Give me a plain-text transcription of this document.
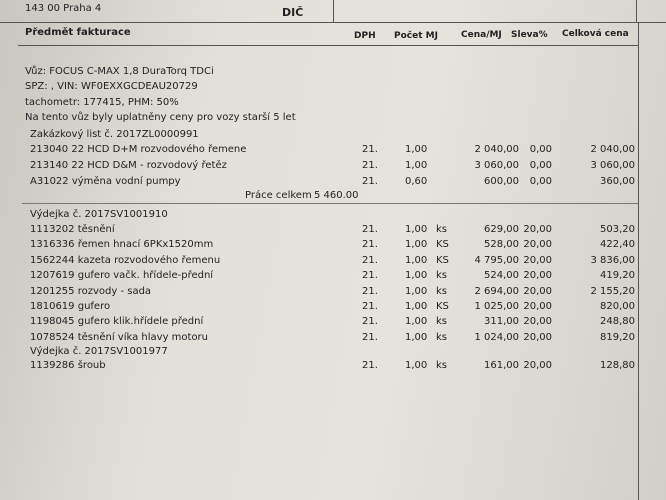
143 00 Praha 4	DIČ
Předmět fakturace	DPH Počet MJ	Cena/MJ Sleva% Celková cena
Vůz: FOCUS C-MAX 1,8 DuraTorq TDCi
SPZ: , VIN: WF0EXXGCDEAU20729
tachometr: 177415, PHM: 50%
Na tento vůz byly uplatněny ceny pro vozy starší 5 let
Zakázkový list č. 2017ZL0000991
213040 22 HCD D+M rozvodového řemene	21.	1,00	2 040,00 0,00	2 040,00
213140 22 HCD D&M - rozvodový řetěz	21.	1,00	3 060,00 0,00	3 060,00
A31022 výměna vodní pumpy	21.	0,60	600,00 0,00	360,00
Práce celkem 5 460.00
Výdejka č. 2017SV1001910
1113202 těsnění	21.	1,00 ks	629,00 20,00	503,20
1316336 řemen hnací 6PKx1520mm	21.	1,00 KS	528,00 20,00	422,40
1562244 kazeta rozvodového řemenu	21.	1,00 KS	4 795,00 20,00	3 836,00
1207619 gufero vačk. hřídele-přední	21.	1,00 ks	524,00 20,00	419,20
1201255 rozvody - sada	21.	1,00 ks	2 694,00 20,00	2 155,20
1810619 gufero	21.	1,00 KS	1 025,00 20,00	820,00
1198045 gufero klik.hřídele přední	21.	1,00 ks	311,00 20,00	248,80
1078524 těsnění víka hlavy motoru	21.	1,00 ks	1 024,00 20,00	819,20
Výdejka č. 2017SV1001977
1139286 šroub	21.	1,00 ks	161,00 20,00	128,80
